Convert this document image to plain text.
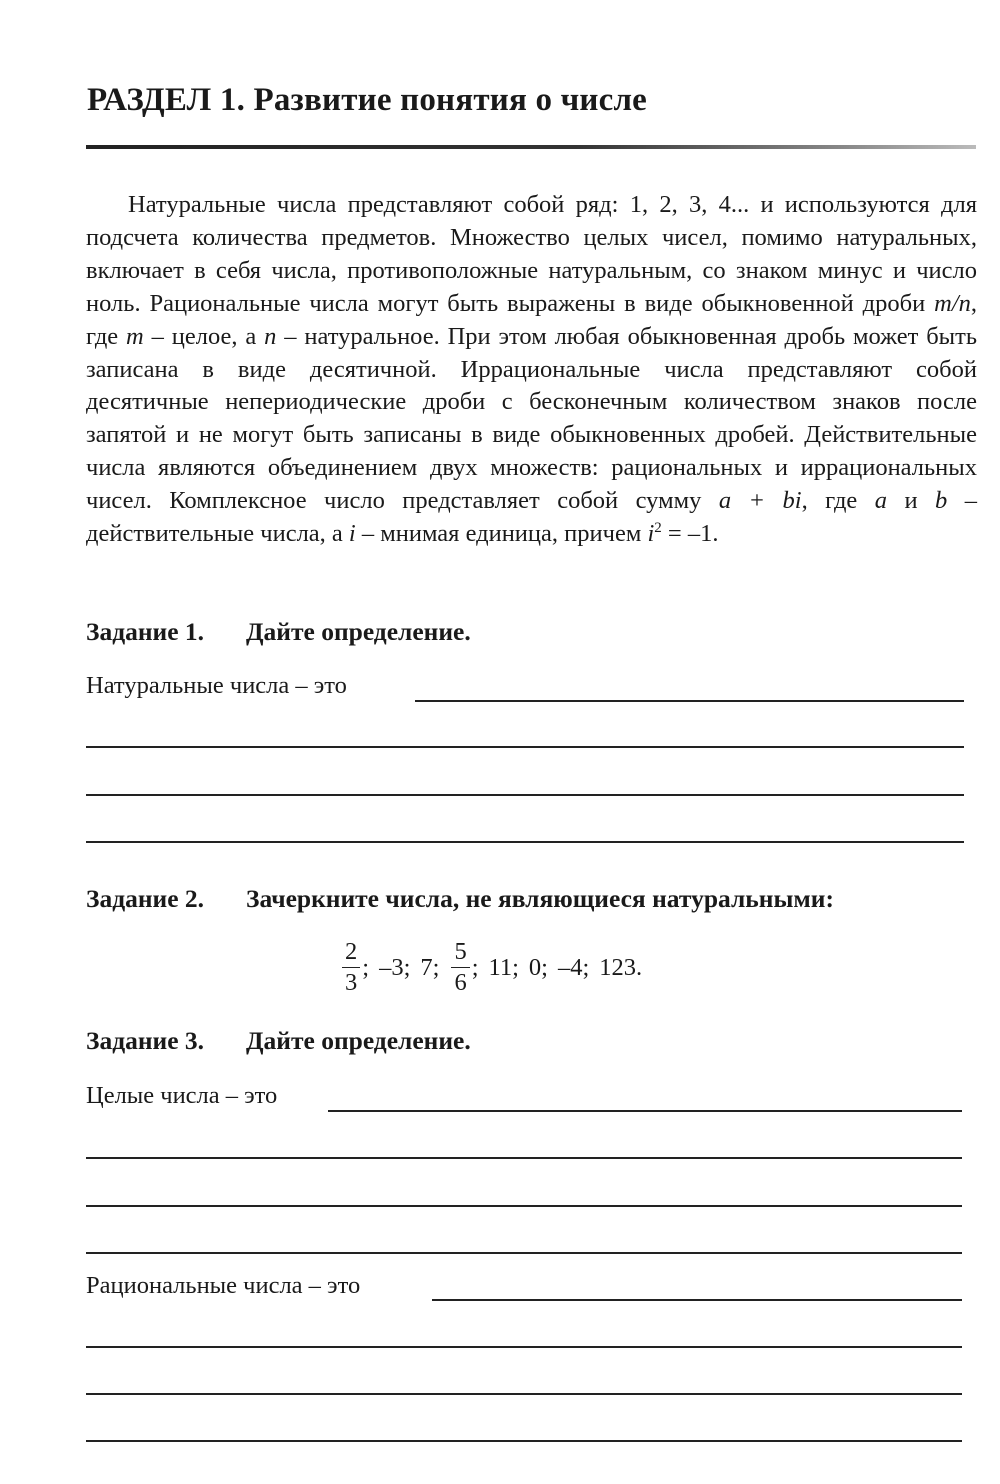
РАЗДЕЛ 1. Развитие понятия о числе

Натуральные числа представляют собой ряд: 1, 2, 3, 4... и используются для подсчета количества предметов. Множество целых чисел, помимо натуральных, включает в себя числа, противоположные натуральным, со знаком минус и число ноль. Рациональные числа могут быть выражены в виде обыкновенной дроби m/n, где m – целое, а n – натуральное. При этом любая обыкновенная дробь может быть записана в виде десятичной. Иррациональные числа представляют собой десятичные непериодические дроби с бесконечным количеством знаков после запятой и не могут быть записаны в виде обыкновенных дробей. Действительные числа являются объединением двух множеств: рациональных и иррациональных чисел. Комплексное число представляет собой сумму a + bi, где a и b – действительные числа, а i – мнимая единица, причем $i^2 = -1$.

Задание 1. Дайте определение.
Натуральные числа – это
Задание 2. Зачеркните числа, не являющиеся натуральными:
$\frac{2}{3}$ ; –3; 7; $\frac{5}{6}$ ; 11; 0; –4; 123.
Задание 3. Дайте определение.
Целые числа – это
Рациональные числа – это
